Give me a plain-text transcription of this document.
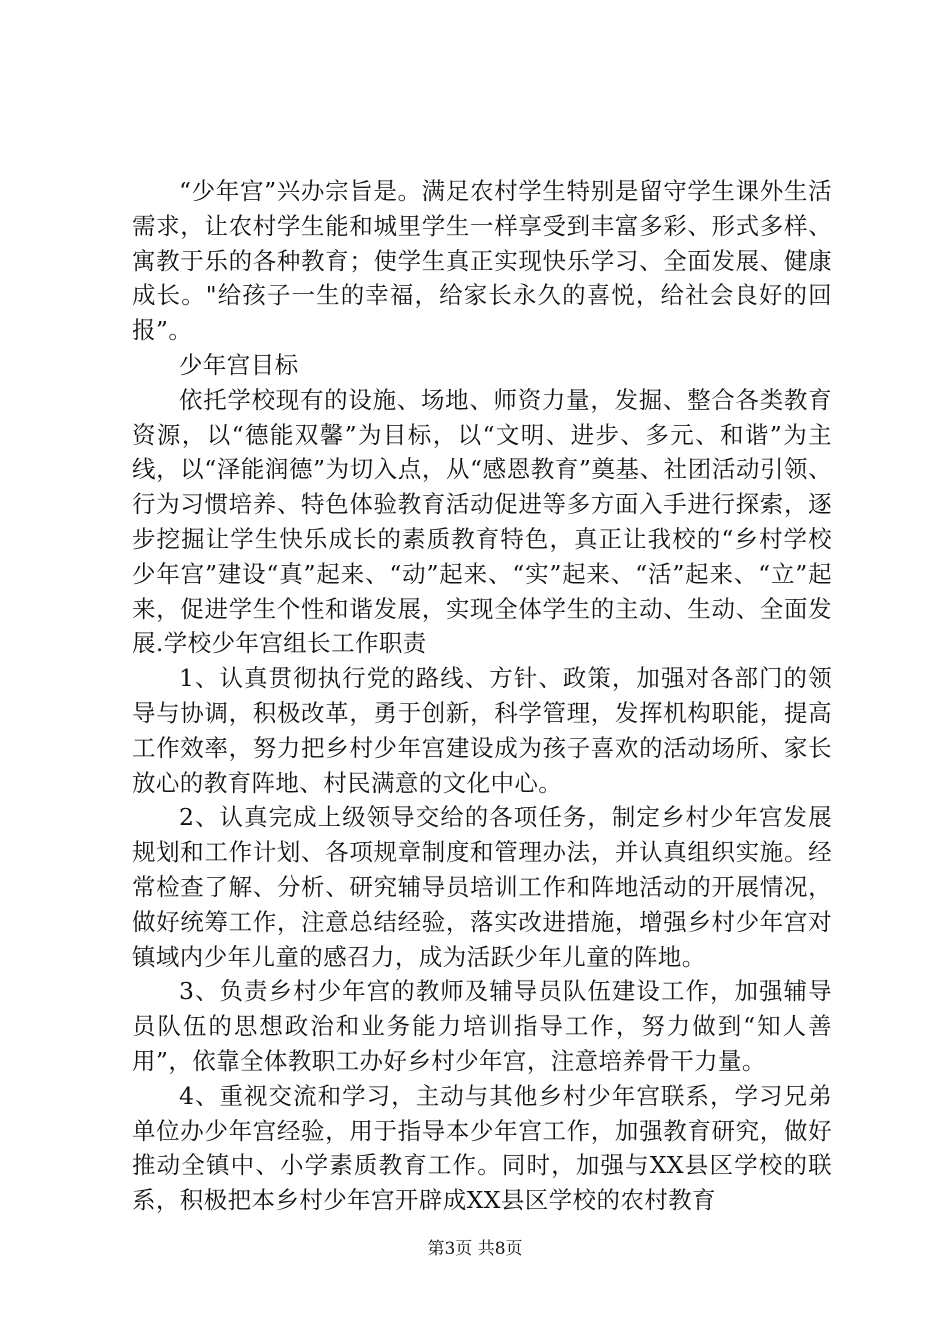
“少年宫”兴办宗旨是。满足农村学生特别是留守学生课外生活需求，让农村学生能和城里学生一样享受到丰富多彩、形式多样、寓教于乐的各种教育；使学生真正实现快乐学习、全面发展、健康成长。"给孩子一生的幸福，给家长永久的喜悦，给社会良好的回报”。

少年宫目标

依托学校现有的设施、场地、师资力量，发掘、整合各类教育资源，以“德能双馨”为目标，以“文明、进步、多元、和谐”为主线，以“泽能润德”为切入点，从“感恩教育”奠基、社团活动引领、行为习惯培养、特色体验教育活动促进等多方面入手进行探索，逐步挖掘让学生快乐成长的素质教育特色，真正让我校的“乡村学校少年宫”建设“真”起来、“动”起来、“实”起来、“活”起来、“立”起来，促进学生个性和谐发展，实现全体学生的主动、生动、全面发展.学校少年宫组长工作职责

1、认真贯彻执行党的路线、方针、政策，加强对各部门的领导与协调，积极改革，勇于创新，科学管理，发挥机构职能，提高工作效率，努力把乡村少年宫建设成为孩子喜欢的活动场所、家长放心的教育阵地、村民满意的文化中心。

2、认真完成上级领导交给的各项任务，制定乡村少年宫发展规划和工作计划、各项规章制度和管理办法，并认真组织实施。经常检查了解、分析、研究辅导员培训工作和阵地活动的开展情况，做好统筹工作，注意总结经验，落实改进措施，增强乡村少年宫对镇域内少年儿童的感召力，成为活跃少年儿童的阵地。

3、负责乡村少年宫的教师及辅导员队伍建设工作，加强辅导员队伍的思想政治和业务能力培训指导工作，努力做到“知人善用”，依靠全体教职工办好乡村少年宫，注意培养骨干力量。

4、重视交流和学习，主动与其他乡村少年宫联系，学习兄弟单位办少年宫经验，用于指导本少年宫工作，加强教育研究，做好推动全镇中、小学素质教育工作。同时，加强与XX县区学校的联系，积极把本乡村少年宫开辟成XX县区学校的农村教育

第3页 共8页
